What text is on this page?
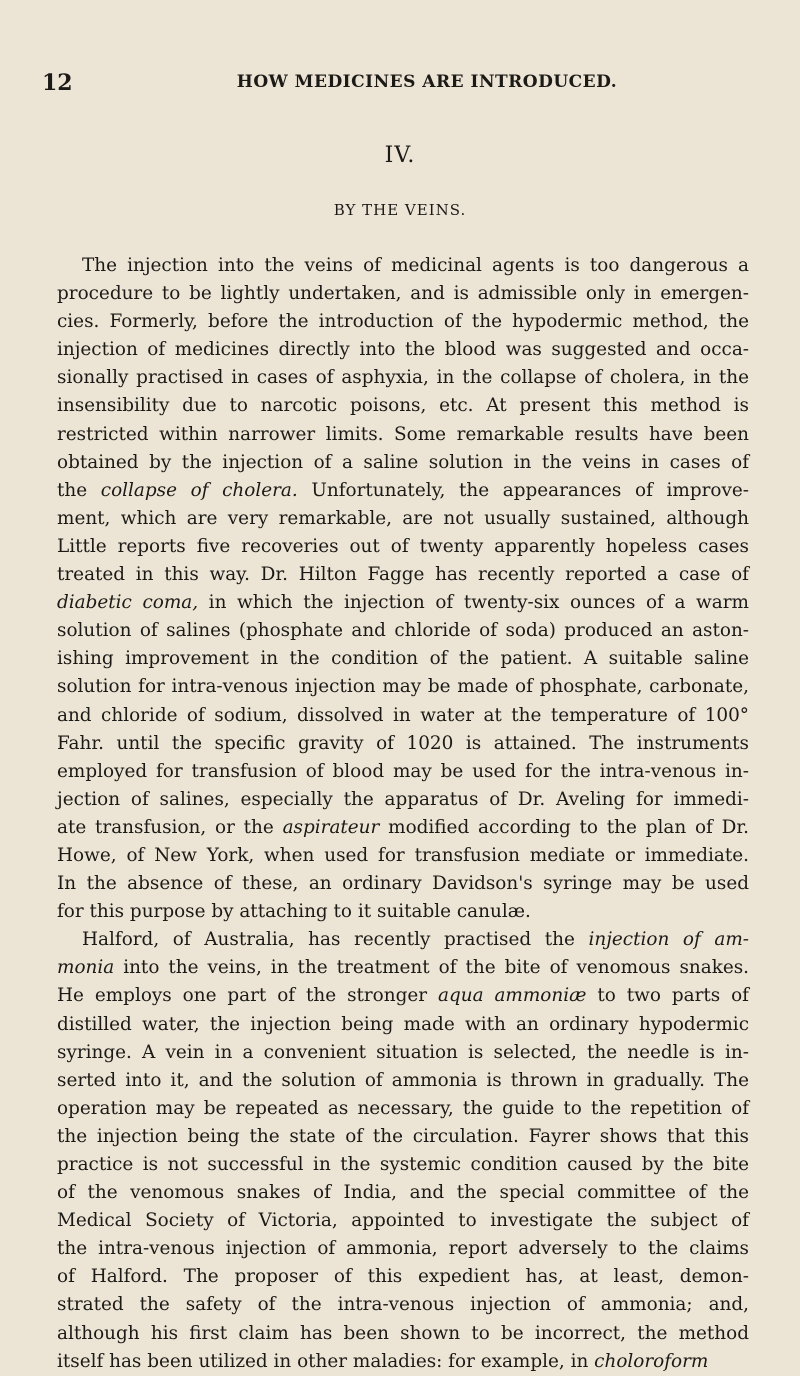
12	HOW MEDICINES ARE INTRODUCED.
IV.
BY THE VEINS.
The injection into the veins of medicinal agents is too dangerous a
procedure to be lightly undertaken, and is admissible only in emergen-
cies. Formerly, before the introduction of the hypodermic method, the
injection of medicines directly into the blood was suggested and occa-
sionally practised in cases of asphyxia, in the collapse of cholera, in the
insensibility due to narcotic poisons, etc. At present this method is
restricted within narrower limits. Some remarkable results have been
obtained by the injection of a saline solution in the veins in cases of
the collapse of cholera. Unfortunately, the appearances of improve-
ment, which are very remarkable, are not usually sustained, although
Little reports five recoveries out of twenty apparently hopeless cases
treated in this way. Dr. Hilton Fagge has recently reported a case of
diabetic coma, in which the injection of twenty-six ounces of a warm
solution of salines (phosphate and chloride of soda) produced an aston-
ishing improvement in the condition of the patient. A suitable saline
solution for intra-venous injection may be made of phosphate, carbonate,
and chloride of sodium, dissolved in water at the temperature of 100°
Fahr. until the specific gravity of 1020 is attained. The instruments
employed for transfusion of blood may be used for the intra-venous in-
jection of salines, especially the apparatus of Dr. Aveling for immedi-
ate transfusion, or the aspirateur modified according to the plan of Dr.
Howe, of New York, when used for transfusion mediate or immediate.
In the absence of these, an ordinary Davidson's syringe may be used
for this purpose by attaching to it suitable canulæ.
Halford, of Australia, has recently practised the injection of am-
monia into the veins, in the treatment of the bite of venomous snakes.
He employs one part of the stronger aqua ammoniæ to two parts of
distilled water, the injection being made with an ordinary hypodermic
syringe. A vein in a convenient situation is selected, the needle is in-
serted into it, and the solution of ammonia is thrown in gradually. The
operation may be repeated as necessary, the guide to the repetition of
the injection being the state of the circulation. Fayrer shows that this
practice is not successful in the systemic condition caused by the bite
of the venomous snakes of India, and the special committee of the
Medical Society of Victoria, appointed to investigate the subject of
the intra-venous injection of ammonia, report adversely to the claims
of Halford. The proposer of this expedient has, at least, demon-
strated the safety of the intra-venous injection of ammonia; and,
although his first claim has been shown to be incorrect, the method
itself has been utilized in other maladies: for example, in choloroform
